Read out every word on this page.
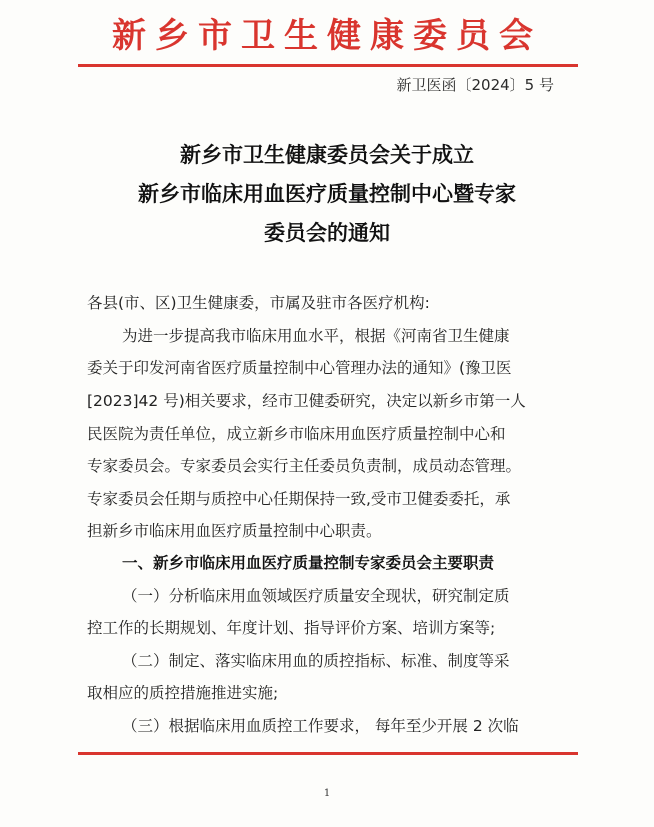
新乡市卫生健康委员会
新卫医函〔2024〕5 号
新乡市卫生健康委员会关于成立
新乡市临床用血医疗质量控制中心暨专家
委员会的通知
各县(市、区)卫生健康委，市属及驻市各医疗机构:
为进一步提高我市临床用血水平，根据《河南省卫生健康
委关于印发河南省医疗质量控制中心管理办法的通知》(豫卫医
[2023]42 号)相关要求，经市卫健委研究，决定以新乡市第一人
民医院为责任单位，成立新乡市临床用血医疗质量控制中心和
专家委员会。专家委员会实行主任委员负责制，成员动态管理。
专家委员会任期与质控中心任期保持一致,受市卫健委委托，承
担新乡市临床用血医疗质量控制中心职责。
一、新乡市临床用血医疗质量控制专家委员会主要职责
（一）分析临床用血领域医疗质量安全现状，研究制定质
控工作的长期规划、年度计划、指导评价方案、培训方案等;
（二）制定、落实临床用血的质控指标、标准、制度等采
取相应的质控措施推进实施;
（三）根据临床用血质控工作要求， 每年至少开展 2 次临
1
